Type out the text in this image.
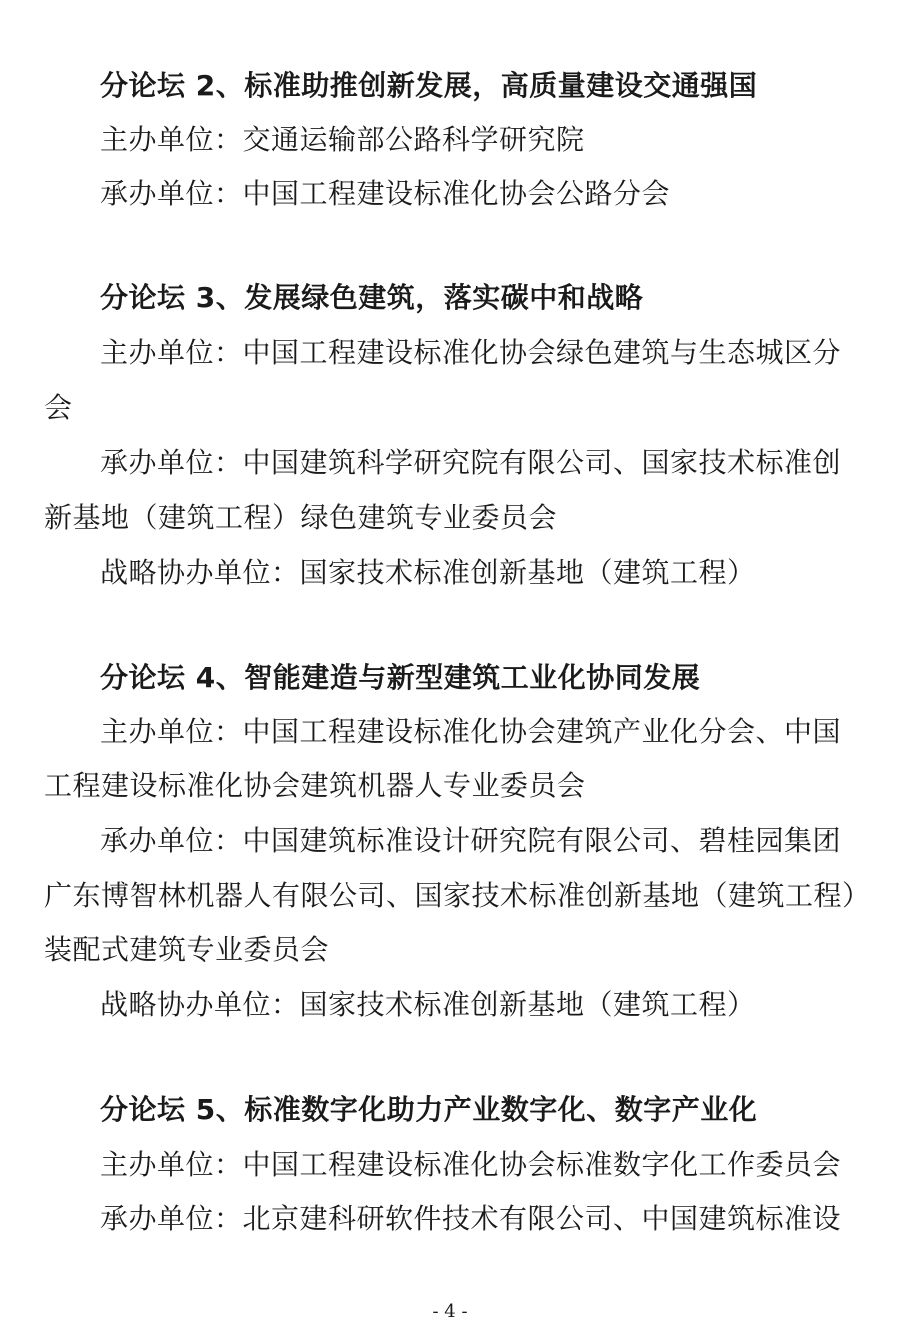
分论坛 2、标准助推创新发展，高质量建设交通强国
主办单位：交通运输部公路科学研究院
承办单位：中国工程建设标准化协会公路分会
分论坛 3、发展绿色建筑，落实碳中和战略
主办单位：中国工程建设标准化协会绿色建筑与生态城区分
会
承办单位：中国建筑科学研究院有限公司、国家技术标准创
新基地（建筑工程）绿色建筑专业委员会
战略协办单位：国家技术标准创新基地（建筑工程）
分论坛 4、智能建造与新型建筑工业化协同发展
主办单位：中国工程建设标准化协会建筑产业化分会、中国
工程建设标准化协会建筑机器人专业委员会
承办单位：中国建筑标准设计研究院有限公司、碧桂园集团
广东博智林机器人有限公司、国家技术标准创新基地（建筑工程）
装配式建筑专业委员会
战略协办单位：国家技术标准创新基地（建筑工程）
分论坛 5、标准数字化助力产业数字化、数字产业化
主办单位：中国工程建设标准化协会标准数字化工作委员会
承办单位：北京建科研软件技术有限公司、中国建筑标准设
- 4 -
